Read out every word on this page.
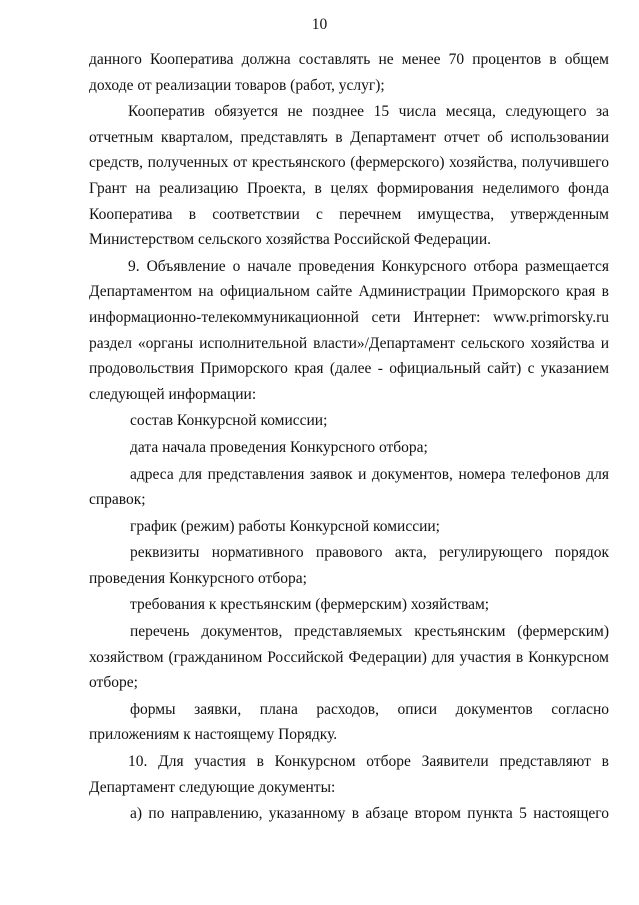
10

данного Кооператива должна составлять не менее 70 процентов в общем доходе от реализации товаров (работ, услуг);

Кооператив обязуется не позднее 15 числа месяца, следующего за отчетным кварталом, представлять в Департамент отчет об использовании средств, полученных от крестьянского (фермерского) хозяйства, получившего Грант на реализацию Проекта, в целях формирования неделимого фонда Кооператива в соответствии с перечнем имущества, утвержденным Министерством сельского хозяйства Российской Федерации.

9. Объявление о начале проведения Конкурсного отбора размещается Департаментом на официальном сайте Администрации Приморского края в информационно-телекоммуникационной сети Интернет: www.primorsky.ru раздел «органы исполнительной власти»/Департамент сельского хозяйства и продовольствия Приморского края (далее - официальный сайт) с указанием следующей информации:

состав Конкурсной комиссии;

дата начала проведения Конкурсного отбора;

адреса для представления заявок и документов, номера телефонов для справок;

график (режим) работы Конкурсной комиссии;

реквизиты нормативного правового акта, регулирующего порядок проведения Конкурсного отбора;

требования к крестьянским (фермерским) хозяйствам;

перечень документов, представляемых крестьянским (фермерским) хозяйством (гражданином Российской Федерации) для участия в Конкурсном отборе;

формы заявки, плана расходов, описи документов согласно приложениям к настоящему Порядку.

10. Для участия в Конкурсном отборе Заявители представляют в Департамент следующие документы:

а) по направлению, указанному в абзаце втором пункта 5 настоящего
